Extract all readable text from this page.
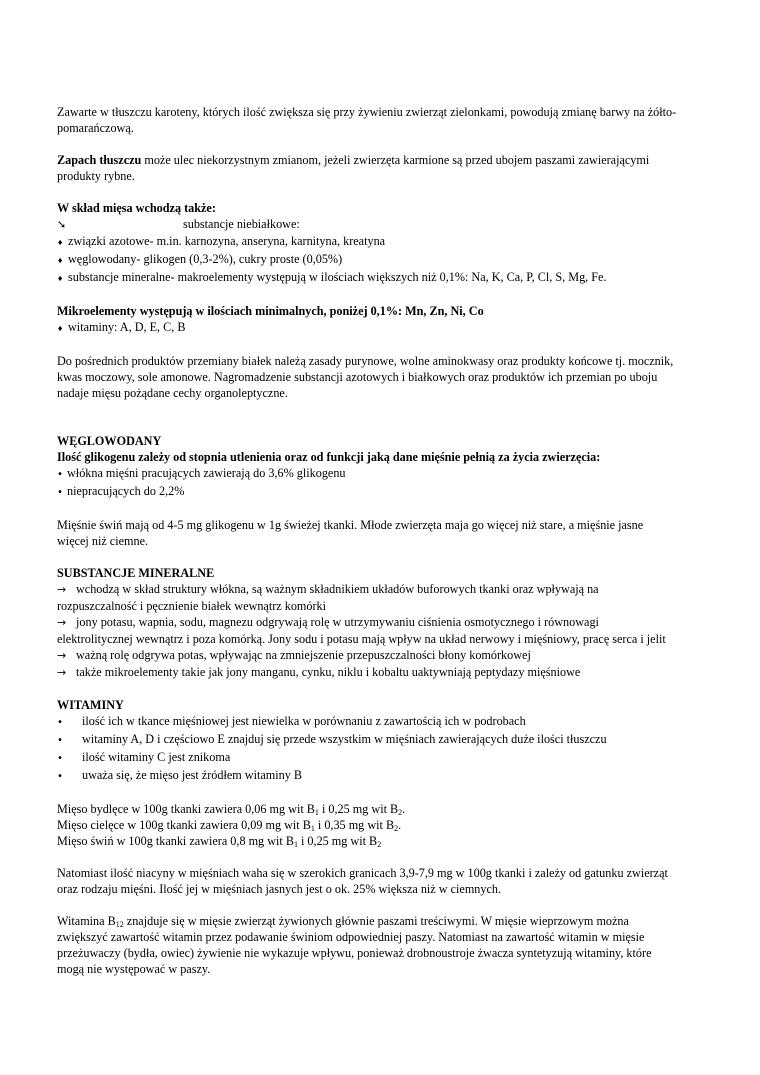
Zawarte w tłuszczu karoteny, których ilość zwiększa się przy żywieniu zwierząt zielonkami, powodują zmianę barwy na żółto-pomarańczową.

Zapach tłuszczu może ulec niekorzystnym zmianom, jeżeli zwierzęta karmione są przed ubojem paszami zawierającymi produkty rybne.

W skład mięsa wchodzą także:

➘	substancje niebiałkowe:

♦ związki azotowe- m.in. karnozyna, anseryna, karnityna, kreatyna
♦ węglowodany- glikogen (0,3-2%), cukry proste (0,05%)
♦ substancje mineralne- makroelementy występują w ilościach większych niż 0,1%: Na, K, Ca, P, Cl, S, Mg, Fe.

Mikroelementy występują w ilościach minimalnych, poniżej 0,1%: Mn, Zn, Ni, Co

♦ witaminy: A, D, E, C, B

Do pośrednich produktów przemiany białek należą zasady purynowe, wolne aminokwasy oraz produkty końcowe tj. mocznik, kwas moczowy, sole amonowe. Nagromadzenie substancji azotowych i białkowych oraz produktów ich przemian po uboju nadaje mięsu pożądane cechy organoleptyczne.

WĘGLOWODANY

Ilość glikogenu zależy od stopnia utlenienia oraz od funkcji jaką dane mięśnie pełnią za życia zwierzęcia:

• włókna mięśni pracujących zawierają do 3,6% glikogenu
• niepracujących do 2,2%

Mięśnie świń mają od 4-5 mg glikogenu w 1g świeżej tkanki. Młode zwierzęta maja go więcej niż stare, a mięśnie jasne więcej niż ciemne.

SUBSTANCJE MINERALNE

→ wchodzą w skład struktury włókna, są ważnym składnikiem układów buforowych tkanki oraz wpływają na rozpuszczalność i pęcznienie białek wewnątrz komórki

→ jony potasu, wapnia, sodu, magnezu odgrywają rolę w utrzymywaniu ciśnienia osmotycznego i równowagi elektrolitycznej wewnątrz i poza komórką. Jony sodu i potasu mają wpływ na układ nerwowy i mięśniowy, pracę serca i jelit

→ ważną rolę odgrywa potas, wpływając na zmniejszenie przepuszczalności błony komórkowej

→ także mikroelementy takie jak jony manganu, cynku, niklu i kobaltu uaktywniają peptydazy mięśniowe

WITAMINY

•	ilość ich w tkance mięśniowej jest niewielka w porównaniu z zawartością ich w podrobach
•	witaminy A, D i częściowo E znajduj się przede wszystkim w mięśniach zawierających duże ilości tłuszczu
•	ilość witaminy C jest znikoma
•	uważa się, że mięso jest źródłem witaminy B

Mięso bydlęce w 100g tkanki zawiera 0,06 mg wit $B_1$ i 0,25 mg wit $B_2$.

Mięso cielęce w 100g tkanki zawiera 0,09 mg wit $B_1$ i 0,35 mg wit $B_2$.

Mięso świń w 100g tkanki zawiera 0,8 mg wit $B_1$ i 0,25 mg wit $B_2$

Natomiast ilość niacyny w mięśniach waha się w szerokich granicach 3,9-7,9 mg w 100g tkanki i zależy od gatunku zwierząt oraz rodzaju mięśni. Ilość jej w mięśniach jasnych jest o ok. 25% większa niż w ciemnych.

Witamina $B_{12}$ znajduje się w mięsie zwierząt żywionych głównie paszami treściwymi. W mięsie wieprzowym można zwiększyć zawartość witamin przez podawanie świniom odpowiedniej paszy. Natomiast na zawartość witamin w mięsie przeżuwaczy (bydła, owiec) żywienie nie wykazuje wpływu, ponieważ drobnoustroje żwacza syntetyzują witaminy, które mogą nie występować w paszy.
